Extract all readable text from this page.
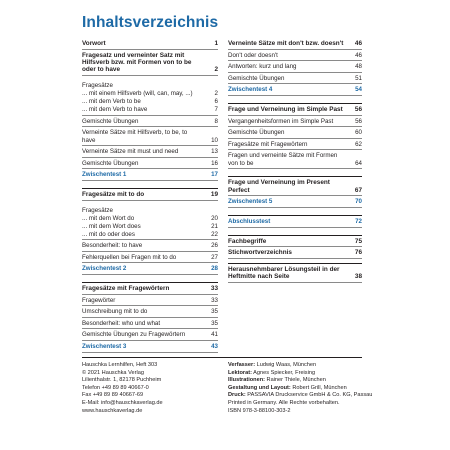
Inhaltsverzeichnis
Vorwort	1
Fragesatz und verneinter Satz mit Hilfsverb bzw. mit Formen von to be oder to have	2
Fragesätze
... mit einem Hilfsverb (will, can, may, ...)	2
... mit dem Verb to be	6
... mit dem Verb to have	7
Gemischte Übungen	8
Verneinte Sätze mit Hilfsverb, to be, to have	10
Verneinte Sätze mit must und need	13
Gemischte Übungen	16
Zwischentest 1	17
Fragesätze mit to do	19
Fragesätze
... mit dem Wort do	20
... mit dem Wort does	21
... mit do oder does	22
Besonderheit: to have	26
Fehlerquellen bei Fragen mit to do	27
Zwischentest 2	28
Fragesätze mit Fragewörtern	33
Fragewörter	33
Umschreibung mit to do	35
Besonderheit: who und what	35
Gemischte Übungen zu Fragewörtern	41
Zwischentest 3	43
Verneinte Sätze mit don't bzw. doesn't	46
Don't oder doesn't	46
Antworten: kurz und lang	48
Gemischte Übungen	51
Zwischentest 4	54
Frage und Verneinung im Simple Past	56
Vergangenheitsformen im Simple Past	56
Gemischte Übungen	60
Fragesätze mit Fragewörtern	62
Fragen und verneinte Sätze mit Formen von to be	64
Frage und Verneinung im Present Perfect	67
Zwischentest 5	70
Abschlusstest	72
Fachbegriffe	75
Stichwortverzeichnis	76
Herausnehmbarer Lösungsteil in der Heftmitte nach Seite	38
Hauschka Lernhilfen, Heft 303
© 2021 Hauschka Verlag
Lilienthalstr. 1, 82178 Puchheim
Telefon +49 89 89 40667-0
Fax +49 89 89 40667-69
E-Mail: info@hauschkaverlag.de
www.hauschkaverlag.de
Verfasser: Ludwig Waas, München
Lektorat: Agnes Spiecker, Freising
Illustrationen: Rainer Thiele, München
Gestaltung und Layout: Robert Grill, München
Druck: PASSAVIA Druckservice GmbH & Co. KG, Passau
Printed in Germany. Alle Rechte vorbehalten.
ISBN 978-3-88100-303-2
